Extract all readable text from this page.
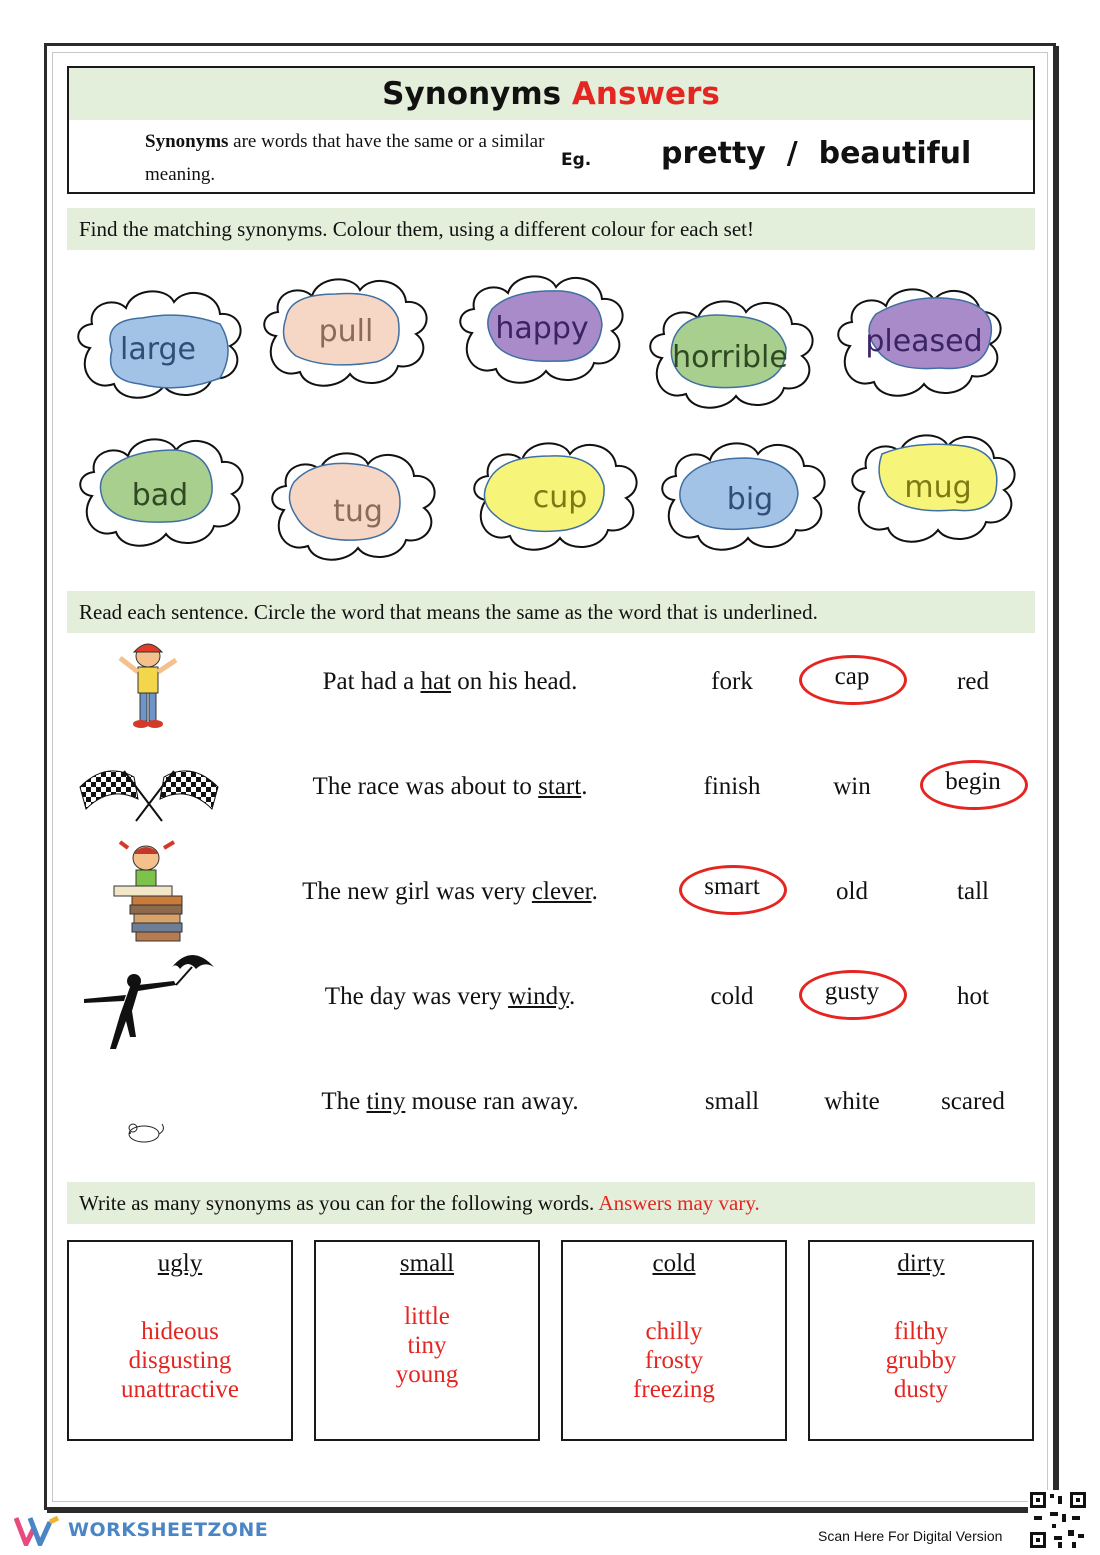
Synonyms Answers
Synonyms are words that have the same or a similar meaning.
Eg. pretty  /  beautiful
Find the matching synonyms. Colour them, using a different colour for each set!
large
pull	happy
horrible	pleased
bad	tug	cup	big	mug
Read each sentence. Circle the word that means the same as the word that is underlined.
Pat had a hat on his head.	fork	cap	red
The race was about to start.	finish	win	begin
The new girl was very clever.	smart	old	tall
The day was very windy.	cold	gusty	hot
The tiny mouse ran away.	small	white	scared
Write as many synonyms as you can for the following words. Answers may vary.
ugly
hideous
disgusting
unattractive
small
little
tiny
young
cold
chilly
frosty
freezing
dirty
filthy
grubby
dusty
WORKSHEETZONE	Scan Here For Digital Version
